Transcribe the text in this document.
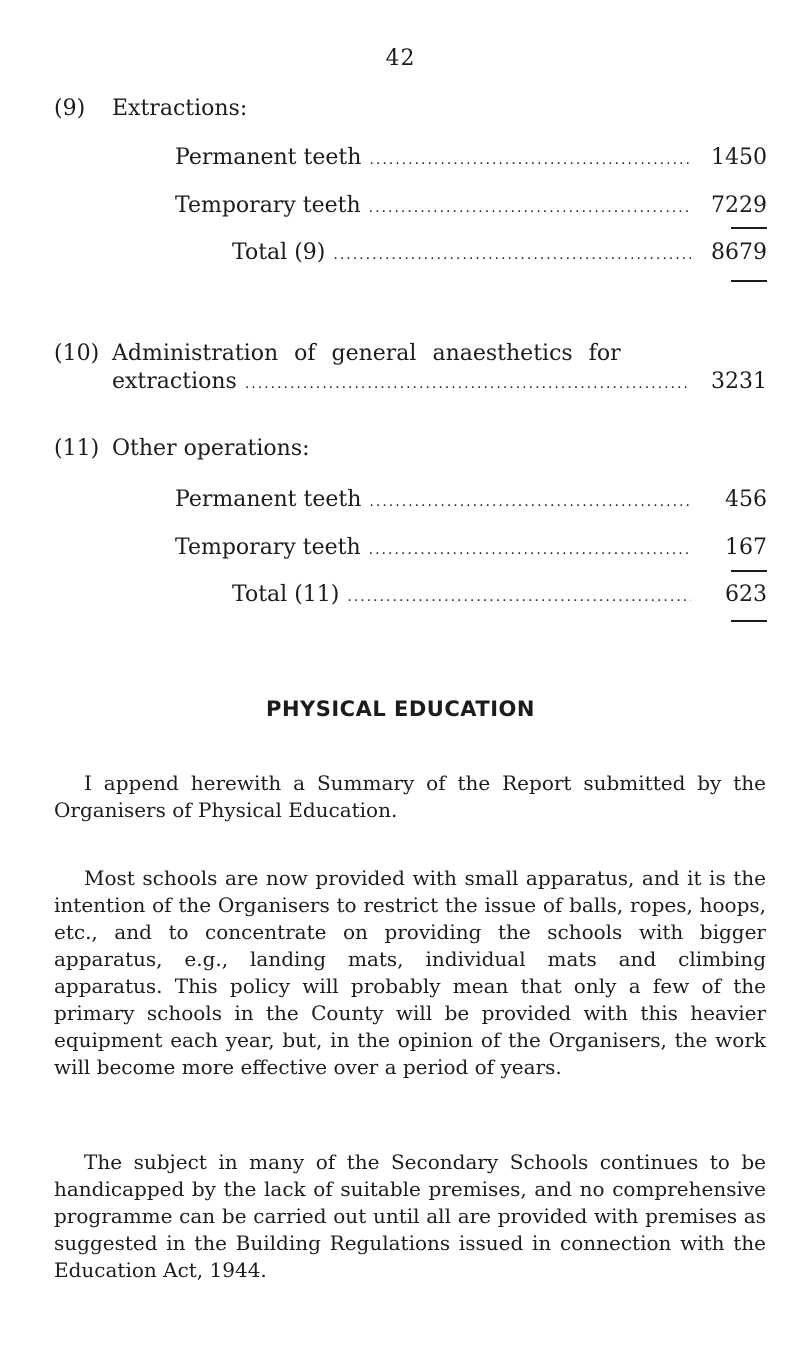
42
(9) Extractions:
Permanent teeth .....	1450
Temporary teeth .....	7229
Total (9) .....	8679
(10) Administration of general anaesthetics for
extractions .....	3231
(11) Other operations:
Permanent teeth .....	456
Temporary teeth .....	167
Total (11) .....	623
PHYSICAL EDUCATION

I append herewith a Summary of the Report submitted by the Organisers of Physical Education.

Most schools are now provided with small apparatus, and it is the intention of the Organisers to restrict the issue of balls, ropes, hoops, etc., and to concentrate on providing the schools with bigger apparatus, e.g., landing mats, individual mats and climbing apparatus. This policy will probably mean that only a few of the primary schools in the County will be provided with this heavier equipment each year, but, in the opinion of the Organisers, the work will become more effective over a period of years.

The subject in many of the Secondary Schools continues to be handicapped by the lack of suitable premises, and no comprehensive programme can be carried out until all are provided with premises as suggested in the Building Regulations issued in connection with the Education Act, 1944.
